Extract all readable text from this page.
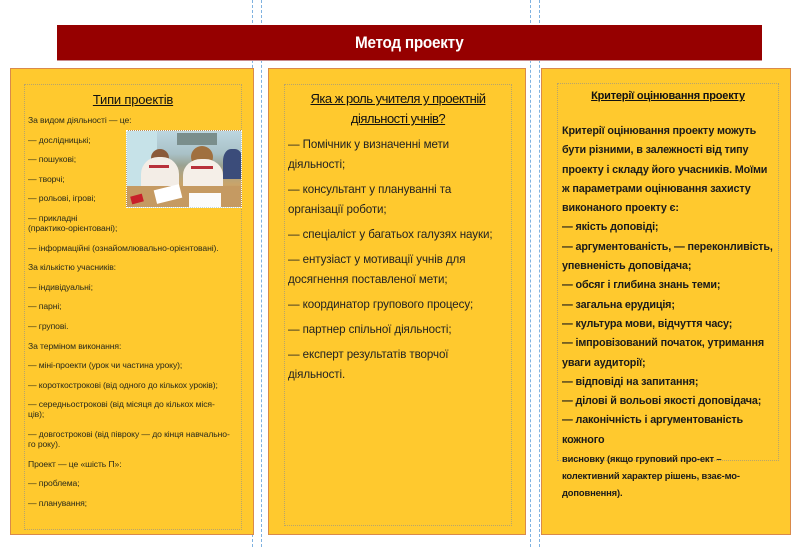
Метод проекту
Типи проектів
За видом діяльності — це:
— дослідницькі;
— пошукові;
— творчі;
— рольові, ігрові;
— прикладні
(практико-орієнтовані);
— інформаційні (ознайомлювально-орієнтовані).
За кількістю учасників:
— індивідуальні;
— парні;
— групові.
За терміном виконання:
— міні-проекти (урок чи частина уроку);
— короткострокові (від одного до кількох уроків);
— середньострокові (від місяця до кількох міся-
ців);
— довгострокові (від півроку — до кінця навчально-
го року).
Проект — це «шість П»:
— проблема;
— планування;
Яка ж роль учителя у проектній діяльності учнів?
— Помічник у визначенні мети діяльності;
— консультант у плануванні та організації роботи;
— спеціаліст у багатьох галузях науки;
— ентузіаст у мотивації учнів для досягнення поставленої мети;
— координатор групового процесу;
— партнер спільної діяльності;
— експерт результатів творчої діяльності.
Критерії оцінювання проекту
Критерії оцінювання проекту можуть бути різними, в залежності від типу проекту і складу його учасників. Моїми ж параметрами оцінювання захисту виконаного проекту є:
— якість доповіді;
— аргументованість, — переконливість, упевненість доповідача;
— обсяг і глибина знань теми;
— загальна ерудиція;
— культура мови, відчуття часу;
— імпровізований початок, утримання уваги аудиторії;
— відповіді на запитання;
— ділові й вольові якості доповідача;
— лаконічність і аргументованість кожного
висновку (якщо груповий про-ект – колективний характер рішень, взає-мо-доповнення).
